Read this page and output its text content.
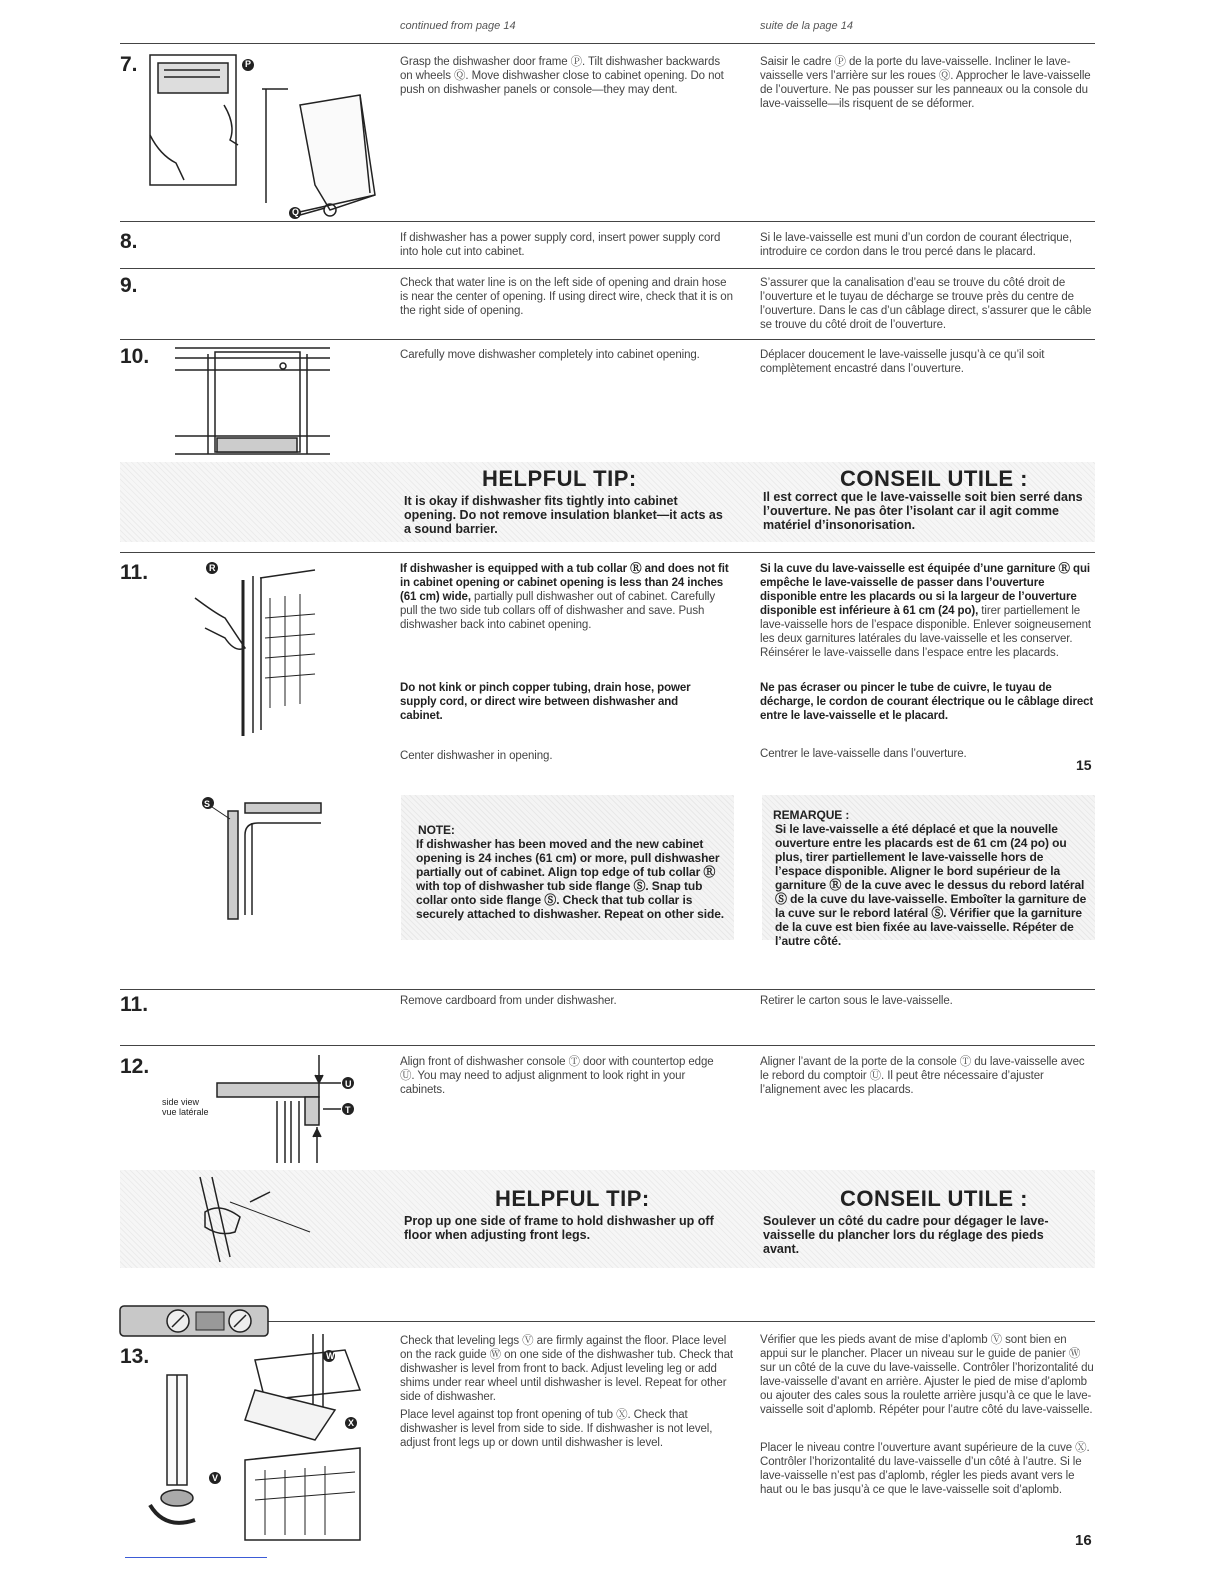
continued from page 14	suite de la page 14
7.	P
Q
Grasp the dishwasher door frame Ⓟ. Tilt dishwasher backwards on wheels Ⓠ. Move dishwasher close to cabinet opening. Do not push on dishwasher panels or console—they may dent.
Saisir le cadre Ⓟ de la porte du lave-vaisselle. Incliner le lave-vaisselle vers l’arrière sur les roues Ⓠ. Approcher le lave-vaisselle de l’ouverture. Ne pas pousser sur les panneaux ou la console du lave-vaisselle—ils risquent de se déformer.
8.	If dishwasher has a power supply cord, insert power supply cord into hole cut into cabinet.
Si le lave-vaisselle est muni d’un cordon de courant électrique, introduire ce cordon dans le trou percé dans le placard.
9.	Check that water line is on the left side of opening and drain hose is near the center of opening. If using direct wire, check that it is on the right side of opening.
S’assurer que la canalisation d’eau se trouve du côté droit de l’ouverture et le tuyau de décharge se trouve près du centre de l’ouverture. Dans le cas d’un câblage direct, s’assurer que le câble se trouve du côté droit de l’ouverture.
10.	Carefully move dishwasher completely into cabinet opening.	Déplacer doucement le lave-vaisselle jusqu’à ce qu’il soit complètement encastré dans l’ouverture.
HELPFUL TIP:
It is okay if dishwasher fits tightly into cabinet opening. Do not remove insulation blanket—it acts as a sound barrier.
CONSEIL UTILE :
Il est correct que le lave-vaisselle soit bien serré dans l’ouverture. Ne pas ôter l’isolant car il agit comme matériel d’insonorisation.
11.	R	If dishwasher is equipped with a tub collar Ⓡ and does not fit in cabinet opening or cabinet opening is less than 24 inches (61 cm) wide, partially pull dishwasher out of cabinet. Carefully pull the two side tub collars off of dishwasher and save. Push dishwasher back into cabinet opening.
Si la cuve du lave-vaisselle est équipée d’une garniture Ⓡ qui empêche le lave-vaisselle de passer dans l’ouverture disponible entre les placards ou si la largeur de l’ouverture disponible est inférieure à 61 cm (24 po), tirer partiellement le lave-vaisselle hors de l’espace disponible. Enlever soigneusement les deux garnitures latérales du lave-vaisselle et les conserver. Réinsérer le lave-vaisselle dans l’espace entre les placards.
Do not kink or pinch copper tubing, drain hose, power supply cord, or direct wire between dishwasher and cabinet.
Ne pas écraser ou pincer le tube de cuivre, le tuyau de décharge, le cordon de courant électrique ou le câblage direct entre le lave-vaisselle et le placard.
Center dishwasher in opening.	Centrer le lave-vaisselle dans l’ouverture.
15
S
NOTE:
If dishwasher has been moved and the new cabinet opening is 24 inches (61 cm) or more, pull dishwasher partially out of cabinet. Align top edge of tub collar Ⓡ with top of dishwasher tub side flange Ⓢ. Snap tub collar onto side flange Ⓢ. Check that tub collar is securely attached to dishwasher. Repeat on other side.
REMARQUE :
Si le lave-vaisselle a été déplacé et que la nouvelle ouverture entre les placards est de 61 cm (24 po) ou plus, tirer partiellement le lave-vaisselle hors de l’espace disponible. Aligner le bord supérieur de la garniture Ⓡ de la cuve avec le dessus du rebord latéral Ⓢ de la cuve du lave-vaisselle. Emboîter la garniture de la cuve sur le rebord latéral Ⓢ. Vérifier que la garniture de la cuve est bien fixée au lave-vaisselle. Répéter de l’autre côté.
11.	Remove cardboard from under dishwasher.	Retirer le carton sous le lave-vaisselle.
12.
side view
vue latérale
U
T
Align front of dishwasher console Ⓣ door with countertop edge Ⓤ. You may need to adjust alignment to look right in your cabinets.
Aligner l’avant de la porte de la console Ⓣ du lave-vaisselle avec le rebord du comptoir Ⓤ. Il peut être nécessaire d’ajuster l’alignement avec les placards.
HELPFUL TIP:
Prop up one side of frame to hold dishwasher up off floor when adjusting front legs.
CONSEIL UTILE :
Soulever un côté du cadre pour dégager le lave-vaisselle du plancher lors du réglage des pieds avant.
13.	W
V
X
Check that leveling legs Ⓥ are firmly against the floor. Place level on the rack guide Ⓦ on one side of the dishwasher tub. Check that dishwasher is level from front to back. Adjust leveling leg or add shims under rear wheel until dishwasher is level. Repeat for other side of dishwasher.
Place level against top front opening of tub Ⓧ. Check that dishwasher is level from side to side. If dishwasher is not level, adjust front legs up or down until dishwasher is level.
Vérifier que les pieds avant de mise d’aplomb Ⓥ sont bien en appui sur le plancher. Placer un niveau sur le guide de panier Ⓦ sur un côté de la cuve du lave-vaisselle. Contrôler l’horizontalité du lave-vaisselle d’avant en arrière. Ajuster le pied de mise d’aplomb ou ajouter des cales sous la roulette arrière jusqu’à ce que le lave-vaisselle soit d’aplomb. Répéter pour l’autre côté du lave-vaisselle.
Placer le niveau contre l’ouverture avant supérieure de la cuve Ⓧ. Contrôler l’horizontalité du lave-vaisselle d’un côté à l’autre. Si le lave-vaisselle n’est pas d’aplomb, régler les pieds avant vers le haut ou le bas jusqu’à ce que le lave-vaisselle soit d’aplomb.
16
